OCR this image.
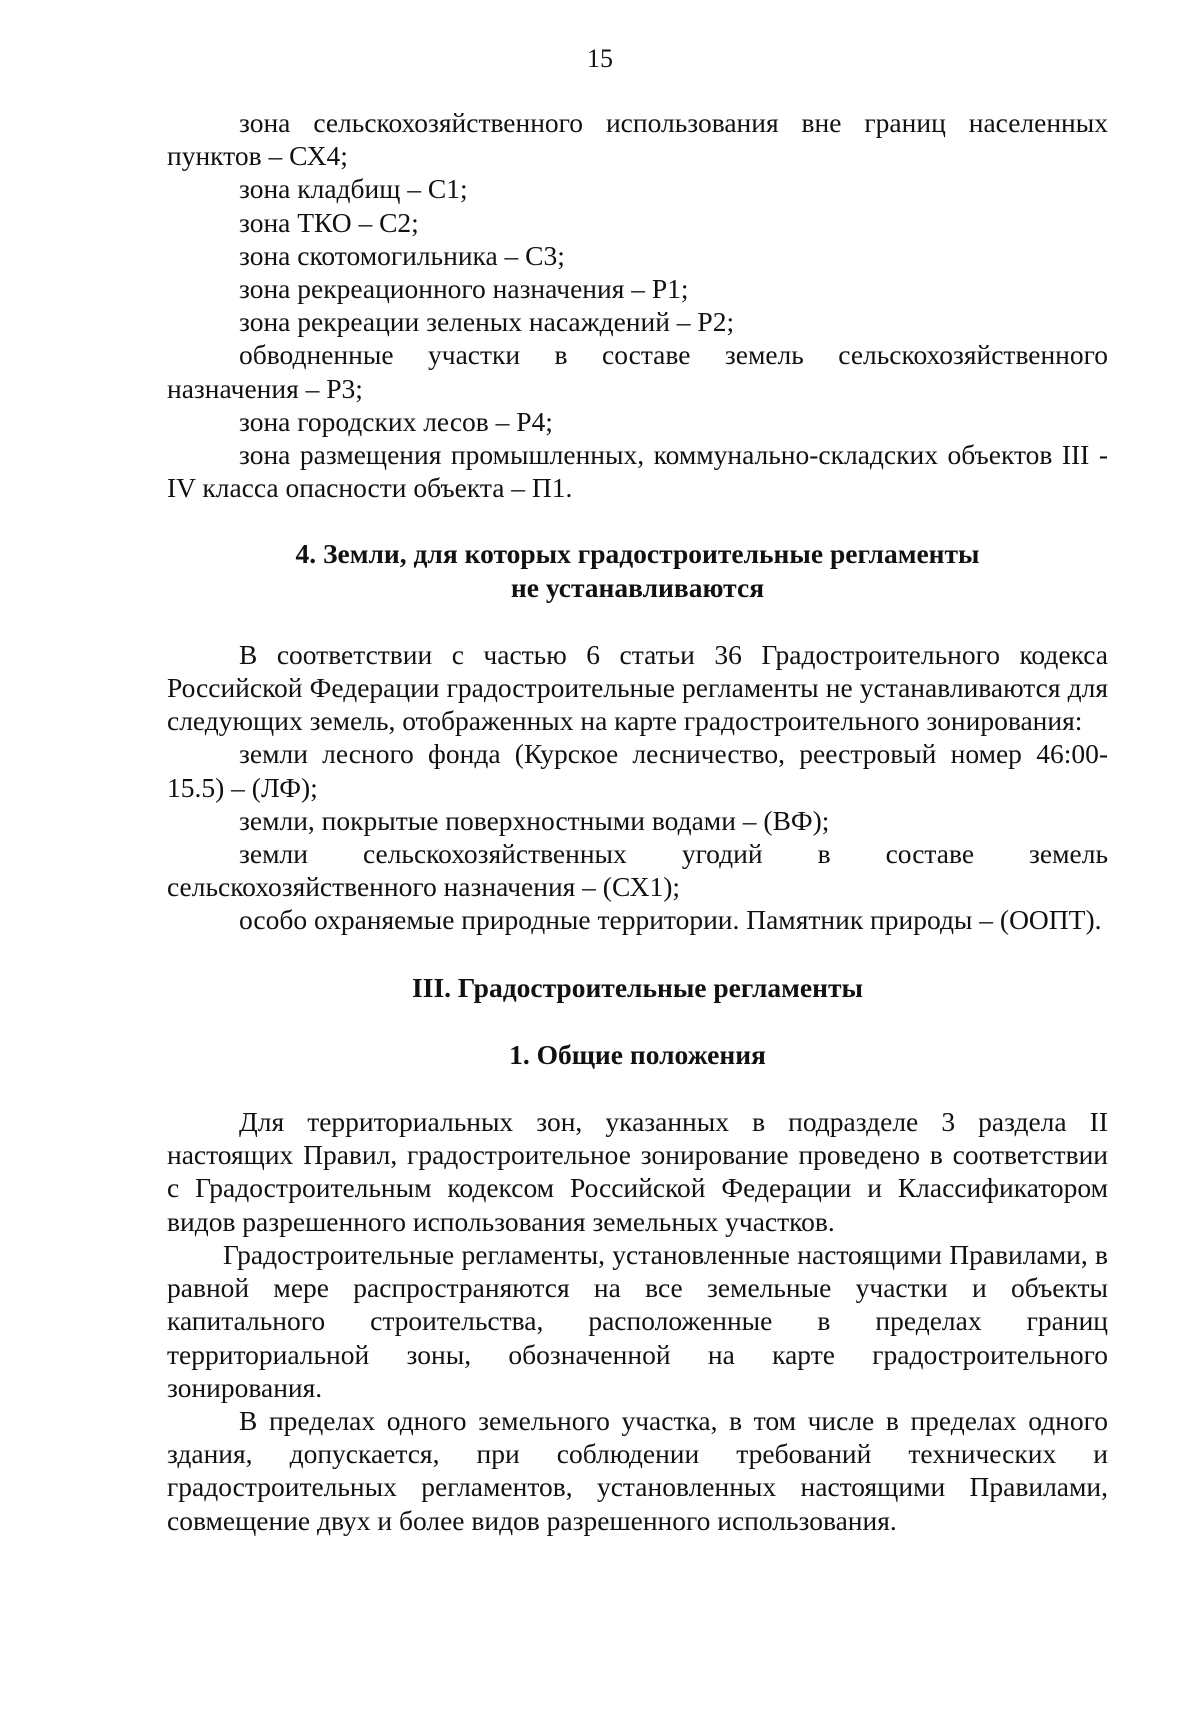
15

зона сельскохозяйственного использования вне границ населенных пунктов – СХ4;

зона кладбищ – С1;

зона ТКО – С2;

зона скотомогильника – С3;

зона рекреационного назначения – Р1;

зона рекреации зеленых насаждений – Р2;

обводненные участки в составе земель сельскохозяйственного назначения – Р3;

зона городских лесов – Р4;

зона размещения промышленных, коммунально-складских объектов III - IV класса опасности объекта – П1.

4. Земли, для которых градостроительные регламенты
не устанавливаются

В соответствии с частью 6 статьи 36 Градостроительного кодекса Российской Федерации градостроительные регламенты не устанавливаются для следующих земель, отображенных на карте градостроительного зонирования:

земли лесного фонда (Курское лесничество, реестровый номер 46:00-15.5) – (ЛФ);

земли, покрытые поверхностными водами – (ВФ);

земли сельскохозяйственных угодий в составе земель сельскохозяйственного назначения – (СХ1);

особо охраняемые природные территории. Памятник природы – (ООПТ).

III. Градостроительные регламенты
1. Общие положения

Для территориальных зон, указанных в подразделе 3 раздела II настоящих Правил, градостроительное зонирование проведено в соответствии с Градостроительным кодексом Российской Федерации и Классификатором видов разрешенного использования земельных участков.

Градостроительные регламенты, установленные настоящими Правилами, в равной мере распространяются на все земельные участки и объекты капитального строительства, расположенные в пределах границ территориальной зоны, обозначенной на карте градостроительного зонирования.

В пределах одного земельного участка, в том числе в пределах одного здания, допускается, при соблюдении требований технических и градостроительных регламентов, установленных настоящими Правилами, совмещение двух и более видов разрешенного использования.
